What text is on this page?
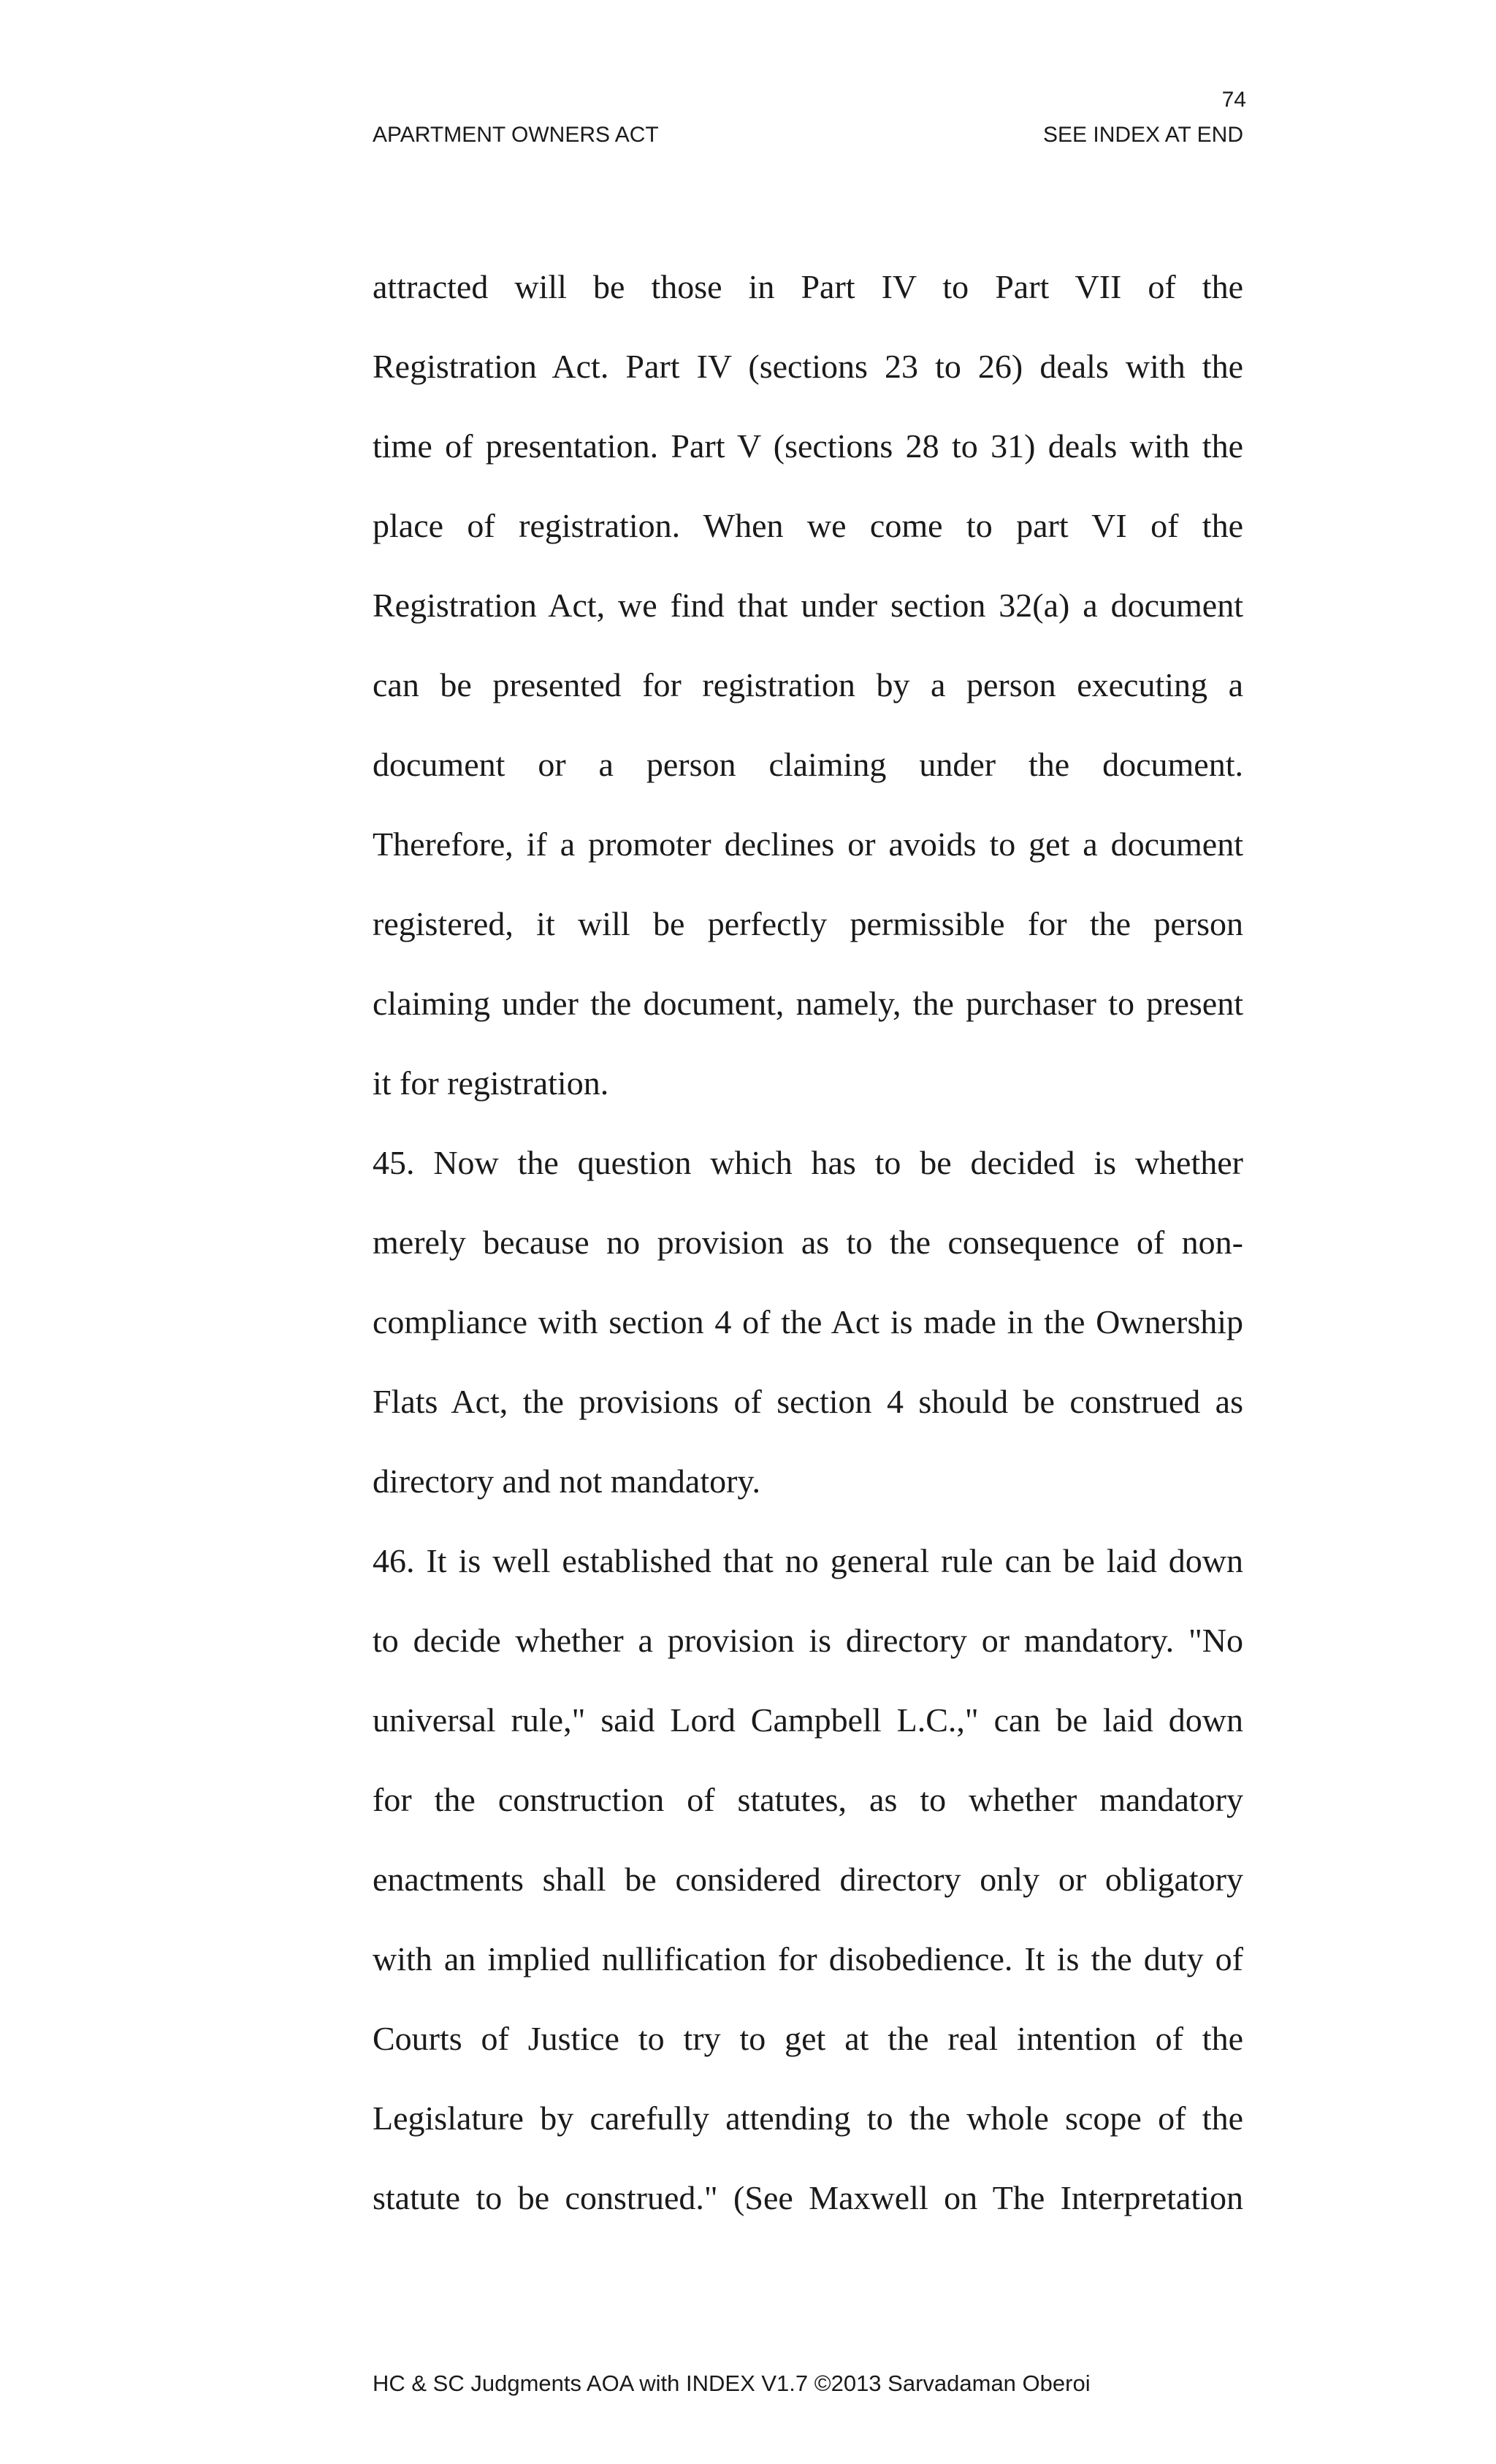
74
APARTMENT OWNERS ACT	SEE INDEX AT END
attracted will be those in Part IV to Part VII of the
Registration Act. Part IV (sections 23 to 26) deals with the
time of presentation. Part V (sections 28 to 31) deals with the
place of registration. When we come to part VI of the
Registration Act, we find that under section 32(a) a document
can be presented for registration by a person executing a
document or a person claiming under the document.
Therefore, if a promoter declines or avoids to get a document
registered, it will be perfectly permissible for the person
claiming under the document, namely, the purchaser to present
it for registration.
45. Now the question which has to be decided is whether
merely because no provision as to the consequence of non-
compliance with section 4 of the Act is made in the Ownership
Flats Act, the provisions of section 4 should be construed as
directory and not mandatory.
46. It is well established that no general rule can be laid down
to decide whether a provision is directory or mandatory. "No
universal rule," said Lord Campbell L.C.," can be laid down
for the construction of statutes, as to whether mandatory
enactments shall be considered directory only or obligatory
with an implied nullification for disobedience. It is the duty of
Courts of Justice to try to get at the real intention of the
Legislature by carefully attending to the whole scope of the
statute to be construed." (See Maxwell on The Interpretation
HC & SC Judgments AOA with INDEX V1.7 ©2013 Sarvadaman Oberoi
